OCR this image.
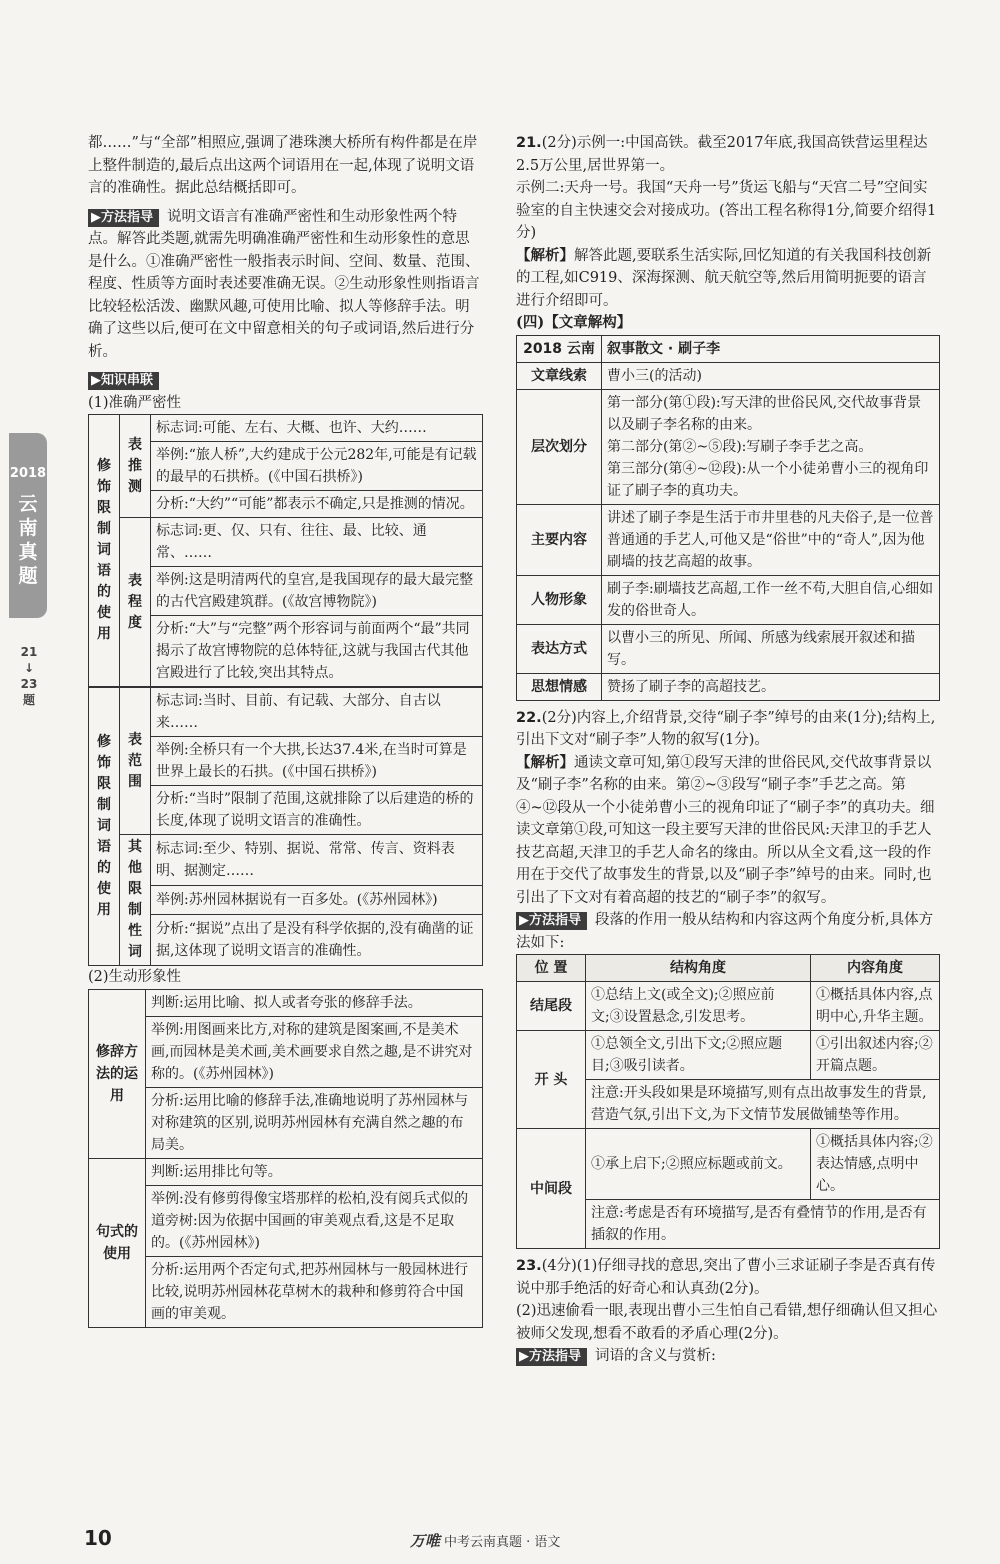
2018
云南真题
21
↓
23
题

都……”与“全部”相照应,强调了港珠澳大桥所有构件都是在岸上整件制造的,最后点出这两个词语用在一起,体现了说明文语言的准确性。据此总结概括即可。

▶方法指导 说明文语言有准确严密性和生动形象性两个特点。解答此类题,就需先明确准确严密性和生动形象性的意思是什么。①准确严密性一般指表示时间、空间、数量、范围、程度、性质等方面时表述要准确无误。②生动形象性则指语言比较轻松活泼、幽默风趣,可使用比喻、拟人等修辞手法。明确了这些以后,便可在文中留意相关的句子或词语,然后进行分析。

▶知识串联

(1)准确严密性

修饰限制词语的使用	表推测	标志词:可能、左右、大概、也许、大约……
		举例:“旅人桥”,大约建成于公元282年,可能是有记载的最早的石拱桥。(《中国石拱桥》)
		分析:“大约”“可能”都表示不确定,只是推测的情况。
	表程度	标志词:更、仅、只有、往往、最、比较、通常、……
		举例:这是明清两代的皇宫,是我国现存的最大最完整的古代宫殿建筑群。(《故宫博物院》)
		分析:“大”与“完整”两个形容词与前面两个“最”共同揭示了故宫博物院的总体特征,这就与我国古代其他宫殿进行了比较,突出其特点。
修饰限制词语的使用	表范围	标志词:当时、目前、有记载、大部分、自古以来……
		举例:全桥只有一个大拱,长达37.4米,在当时可算是世界上最长的石拱。(《中国石拱桥》)
		分析:“当时”限制了范围,这就排除了以后建造的桥的长度,体现了说明文语言的准确性。
	其他限制性词	标志词:至少、特别、据说、常常、传言、资料表明、据测定……
		举例:苏州园林据说有一百多处。(《苏州园林》)
		分析:“据说”点出了是没有科学依据的,没有确凿的证据,这体现了说明文语言的准确性。

(2)生动形象性

修辞方法的运用	判断:运用比喻、拟人或者夸张的修辞手法。
	举例:用图画来比方,对称的建筑是图案画,不是美术画,而园林是美术画,美术画要求自然之趣,是不讲究对称的。(《苏州园林》)
	分析:运用比喻的修辞手法,准确地说明了苏州园林与对称建筑的区别,说明苏州园林有充满自然之趣的布局美。
句式的使用	判断:运用排比句等。
	举例:没有修剪得像宝塔那样的松柏,没有阅兵式似的道旁树:因为依据中国画的审美观点看,这是不足取的。(《苏州园林》)
	分析:运用两个否定句式,把苏州园林与一般园林进行比较,说明苏州园林花草树木的栽种和修剪符合中国画的审美观。

21.(2分)示例一:中国高铁。截至2017年底,我国高铁营运里程达2.5万公里,居世界第一。

示例二:天舟一号。我国“天舟一号”货运飞船与“天宫二号”空间实验室的自主快速交会对接成功。(答出工程名称得1分,简要介绍得1分)

【解析】解答此题,要联系生活实际,回忆知道的有关我国科技创新的工程,如C919、深海探测、航天航空等,然后用简明扼要的语言进行介绍即可。

(四)【文章解构】

2018 云南	叙事散文 · 刷子李
文章线索	曹小三(的活动)
层次划分	第一部分(第①段):写天津的世俗民风,交代故事背景以及刷子李名称的由来。
第二部分(第②~⑤段):写刷子李手艺之高。
第三部分(第④~⑫段):从一个小徒弟曹小三的视角印证了刷子李的真功夫。
主要内容	讲述了刷子李是生活于市井里巷的凡夫俗子,是一位普普通通的手艺人,可他又是“俗世”中的“奇人”,因为他刷墙的技艺高超的故事。
人物形象	刷子李:刷墙技艺高超,工作一丝不苟,大胆自信,心细如发的俗世奇人。
表达方式	以曹小三的所见、所闻、所感为线索展开叙述和描写。
思想情感	赞扬了刷子李的高超技艺。

22.(2分)内容上,介绍背景,交待“刷子李”绰号的由来(1分);结构上,引出下文对“刷子李”人物的叙写(1分)。

【解析】通读文章可知,第①段写天津的世俗民风,交代故事背景以及“刷子李”名称的由来。第②~③段写“刷子李”手艺之高。第④~⑫段从一个小徒弟曹小三的视角印证了“刷子李”的真功夫。细读文章第①段,可知这一段主要写天津的世俗民风:天津卫的手艺人技艺高超,天津卫的手艺人命名的缘由。所以从全文看,这一段的作用在于交代了故事发生的背景,以及“刷子李”绰号的由来。同时,也引出了下文对有着高超的技艺的“刷子李”的叙写。

▶方法指导 段落的作用一般从结构和内容这两个角度分析,具体方法如下:

位 置	结构角度	内容角度
结尾段	①总结上文(或全文);②照应前文;③设置悬念,引发思考。	①概括具体内容,点明中心,升华主题。
开 头	①总领全文,引出下文;②照应题目;③吸引读者。	①引出叙述内容;②开篇点题。
	注意:开头段如果是环境描写,则有点出故事发生的背景,营造气氛,引出下文,为下文情节发展做铺垫等作用。	
中间段	①承上启下;②照应标题或前文。	①概括具体内容;②表达情感,点明中心。
	注意:考虑是否有环境描写,是否有叠情节的作用,是否有插叙的作用。	

23.(4分)(1)仔细寻找的意思,突出了曹小三求证刷子李是否真有传说中那手绝活的好奇心和认真劲(2分)。

(2)迅速偷看一眼,表现出曹小三生怕自己看错,想仔细确认但又担心被师父发现,想看不敢看的矛盾心理(2分)。

▶方法指导 词语的含义与赏析:

10	万唯 中考云南真题 · 语文
